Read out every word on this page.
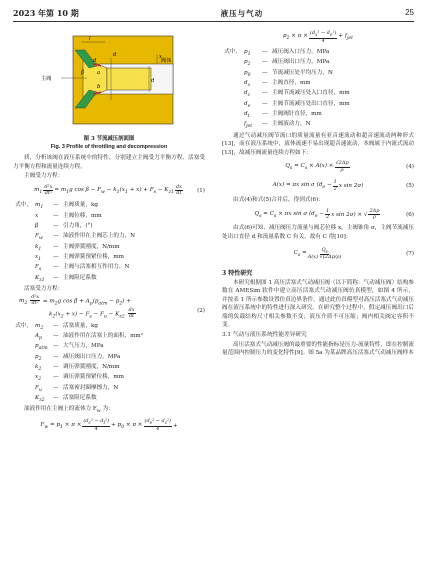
2023 年第 10 期	液压与气动	25
主阀
阀体
l
d
d
x
d
β	a
b
图 3 节流减压剖面图
Fig. 3 Profile of throttling and decompression
质，分析该阀在液压系统中的特性，分别建立主阀受力平衡方程、活塞受力平衡方程和流量连续方程。
主阀受力方程：
$m_1 \frac{\text{d²x}}{\text{dt²}} = m_1g$ $\cos \beta - F_w - k_1(x_1 + x) + F_s - K_{z1} \frac{dx}{dt}$	(1)
式中， $m_1$	— 主阀质量，kg
x	— 主阀位移，mm
β	— 引力角，(°)
$F_w$	— 油液作用在主阀芯上的力，N
$k_1$	— 主阀弹簧刚度，N/mm
$x_1$	— 主阀弹簧预紧位移，mm
$F_s$	— 主阀与活塞相互作用力，N
$K_{z1}$	— 主阀阻尼系数
活塞受力方程：
$m_2 \frac{\text{d²x}}{\text{dt²}} = m_2g$ $\cos \beta + A_p(p_{atm} - p_2)$ +
$k_2(x_2 + x) - F_s - F_u - K_{z2} \frac{dx}{dt}$	(2)
式中， $m_2$	— 活塞质量，kg
$A_p$	— 油液作用在活塞上的面积，mm²
$p_{atm}$ — 大气压力，MPa
$p_2$	— 减压阀出口压力，MPa
$k_2$	— 调压弹簧刚度，N/mm
$x_2$	— 调压弹簧预紧位移，mm
$F_u$	— 活塞密封圈摩擦力，N
$K_{z2}$	— 活塞阻尼系数
油液作用在主阀上的流体力 $F_w$ 为：
$F_w = p_1 \times \pi \times \frac{(d_c^2 - d_t^2)}{4} + p_0 \times \pi \times \frac{(d_e^2 - d_c^2)}{4}$ +
$p_2 \times \pi \times \frac{(d_x^2 - d_e^2)}{4} + f_{jet}$
式中， $p_1$	— 减压阀入口压力，MPa
$p_2$	— 减压阀出口压力，MPa
$p_0$	— 节流减压处平均压力，N
$d_x$	— 主阀直径，mm
$d_c$	— 主阀节流减压处入口直径，mm
$d_e$	— 主阀节流减压处出口直径，mm
$d_t$	— 主阀阀针直径，mm
$f_{jet}$	— 主阀液动力，N
通过气动减压阀节流口的质量流量有亚音速流动和超音速流动两种形式[13]，而在液压系统中，液体流速不易出现超音速流动，本阀属于内流式流动[13]，故减压阀流量连续方程如下：
$Q_s = C_s \times A(x) \times \frac{√2\Delta p}{\rho}$	(4)
A(x) = πx sin σ ($d_e - \frac{1}{2}$ x sin 2σ)	(5)
由式(4)和式(5)合并后，得到式(6)：
$Q_s = C_s \times \pi x$ sin σ ($d_e - \frac{1}{2}$ x sin 2σ) × √ $\frac{2\Delta p}{\rho}$	(6)
由式(6)可知，减压阀压力流量与阀芯位移 x，主阀锥角 σ，主阀节流减压处出口直径 d 和流量系数 C 有关，故有 C 得[10]：
$C_s = \frac{Q_s}{A(x) √(2\Delta p/\rho)}$	(7)
3 特性研究
本研究根据图 1 高压活塞式气动减压阀（以下简称：气动减压阀）结构参数在 AMESim 软件中建立高压活塞式气动减压阀仿真模型，如图 4 所示，并按表 1 所示参数设置仿真边界条件，通过此仿真模型对高压活塞式气动减压阀在液压系统中的特性进行深入研究。在研究整个过程中，假定减压阀出口后端的负载结构尺寸相关参数不变；液压介质不可压缩；阀内相关阀定容积不变。
3.1 气动与液压系统性能差异研究
高压活塞式气动减压阀的最重要的性能指标是压力-流量特性，即在控制流量范围内控制压力的变化特性[9]。图 5a 为某品牌高压活塞式气动减压阀样本
